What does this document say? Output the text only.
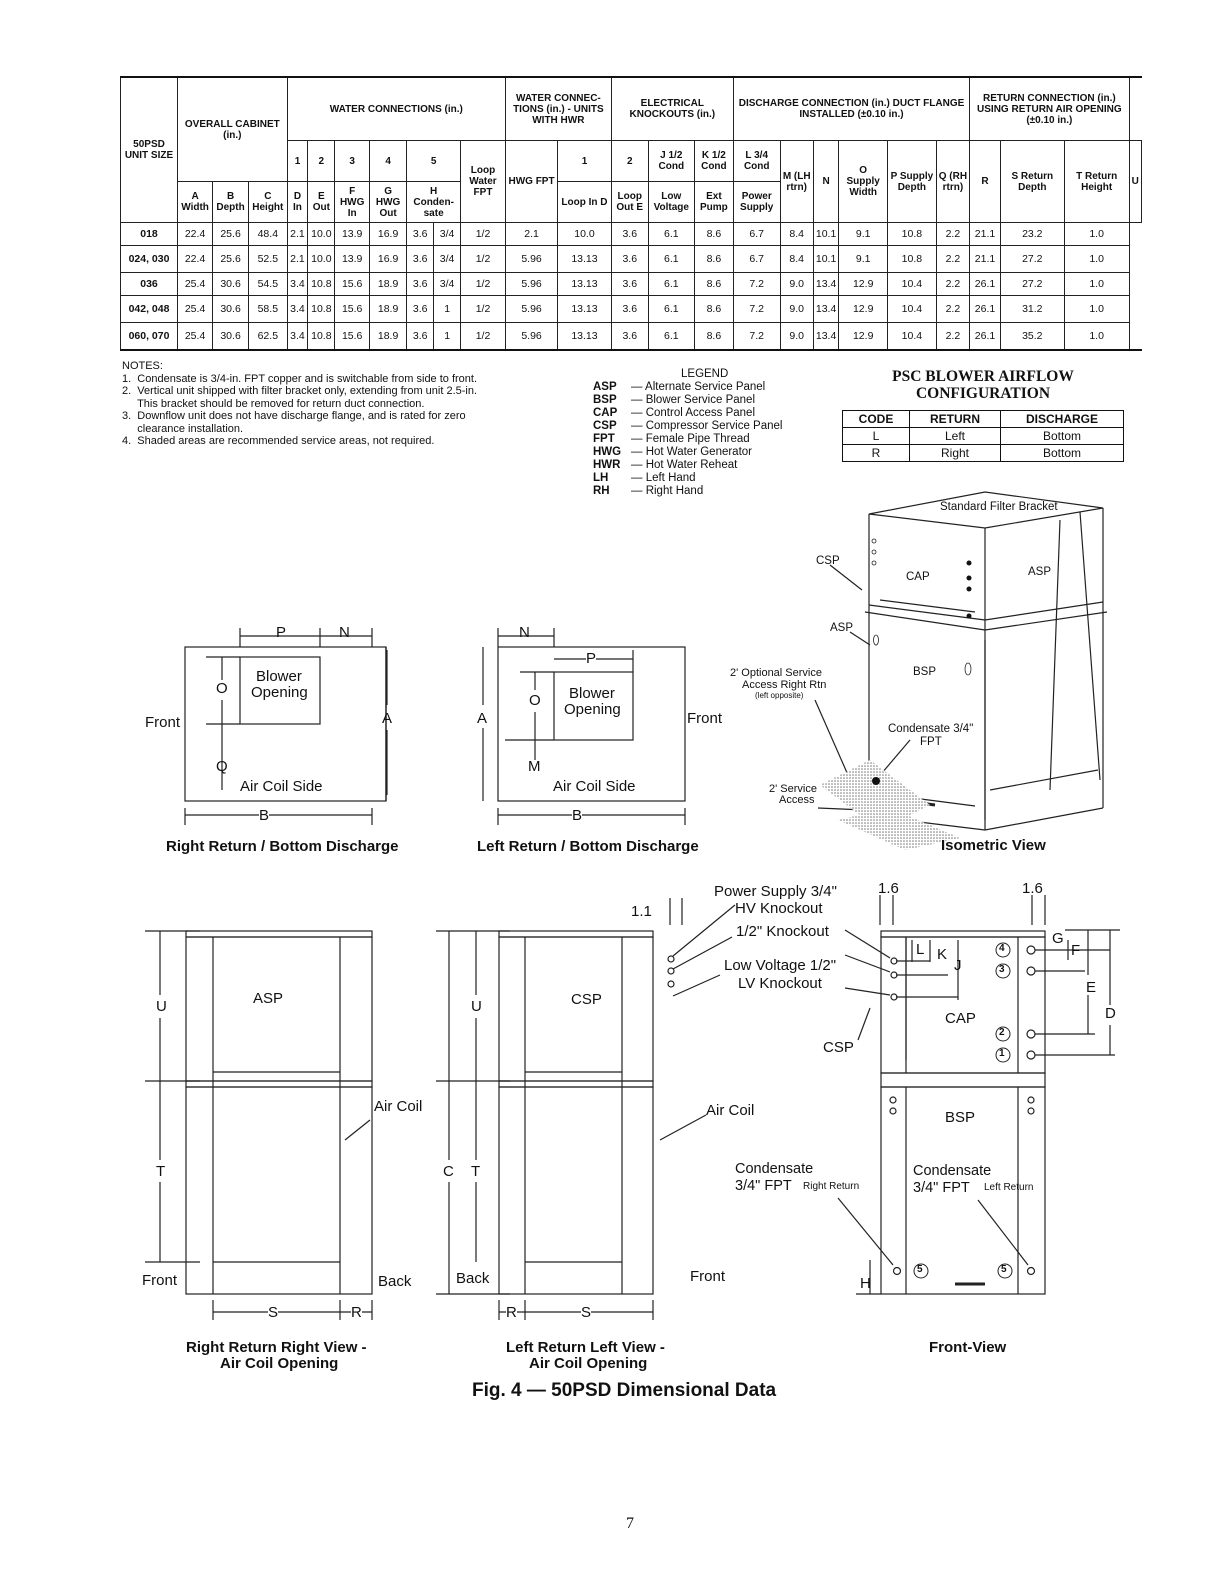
50PSD UNIT SIZE	OVERALL CABINET (in.)			WATER CONNECTIONS (in.)							WATER CONNEC- TIONS (in.) - UNITS WITH HWR		ELECTRICAL KNOCKOUTS (in.)			DISCHARGE CONNECTION (in.) DUCT FLANGE INSTALLED (±0.10 in.)						RETURN CONNECTION (in.) USING RETURN AIR OPENING (±0.10 in.)			
				1	2	3	4	5		Loop Water FPT	HWG FPT	1	2	J 1/2 Cond	K 1/2 Cond	L 3/4 Cond	M (LH rtrn)	N	O Supply Width	P Supply Depth	Q (RH rtrn)	R	S Return Depth	T Return Height	U
	A Width	B Depth	C Height	D In	E Out	F HWG In	G HWG Out	H Conden- sate				Loop In D	Loop Out E	Low Voltage	Ext Pump	Power Supply									
018	22.4	25.6	48.4	2.1	10.0	13.9	16.9	3.6	3/4	1/2	2.1	10.0	3.6	6.1	8.6	6.7	8.4	10.1	9.1	10.8	2.2	21.1	23.2	1.0	
024, 030	22.4	25.6	52.5	2.1	10.0	13.9	16.9	3.6	3/4	1/2	5.96	13.13	3.6	6.1	8.6	6.7	8.4	10.1	9.1	10.8	2.2	21.1	27.2	1.0	
036	25.4	30.6	54.5	3.4	10.8	15.6	18.9	3.6	3/4	1/2	5.96	13.13	3.6	6.1	8.6	7.2	9.0	13.4	12.9	10.4	2.2	26.1	27.2	1.0	
042, 048	25.4	30.6	58.5	3.4	10.8	15.6	18.9	3.6	1	1/2	5.96	13.13	3.6	6.1	8.6	7.2	9.0	13.4	12.9	10.4	2.2	26.1	31.2	1.0	
060, 070	25.4	30.6	62.5	3.4	10.8	15.6	18.9	3.6	1	1/2	5.96	13.13	3.6	6.1	8.6	7.2	9.0	13.4	12.9	10.4	2.2	26.1	35.2	1.0	
NOTES:
1.  Condensate is 3/4-in. FPT copper and is switchable from side to front.
2.  Vertical unit shipped with filter bracket only, extending from unit 2.5-in.
This bracket should be removed for return duct connection.
3.  Downflow unit does not have discharge flange, and is rated for zero
clearance installation.
4.  Shaded areas are recommended service areas, not required.
LEGEND
ASP	— Alternate Service Panel
BSP	— Blower Service Panel
CAP	— Control Access Panel
CSP	— Compressor Service Panel
FPT	— Female Pipe Thread
HWG	— Hot Water Generator
HWR	— Hot Water Reheat
LH	— Left Hand
RH	— Right Hand
PSC BLOWER AIRFLOW
CONFIGURATION
CODE	RETURN	DISCHARGE
L	Left	Bottom
R	Right	Bottom
P	N
Blower
Opening
O
Q
Front	A
Air Coil Side
B
Right Return / Bottom Discharge
N
P
Blower
Opening
O
M
Front
A
Air Coil Side
B
Left Return / Bottom Discharge
Standard Filter Bracket
CSP
CAP	ASP
ASP
BSP
2' Optional Service
Access Right Rtn
(left opposite)
Condensate 3/4"
FPT
2' Service
Access
Isometric View
ASP
Air Coil
U
T
Front	Back
S	R
Right Return Right View -
Air Coil Opening
CSP
Air Coil
U
C T
Back	Front
1.1
Power Supply 3/4"
HV Knockout
1/2" Knockout
Low Voltage 1/2"
LV Knockout
R	S
Left Return Left View -
Air Coil Opening
1.6	1.6
L K
J
G
F
E
D
CAP
CSP
BSP
Condensate
3/4" FPT Right Return
Condensate
3/4" FPT Left Return
H
4
3
2
1
5	5
Front-View
Fig. 4 — 50PSD Dimensional Data
7
